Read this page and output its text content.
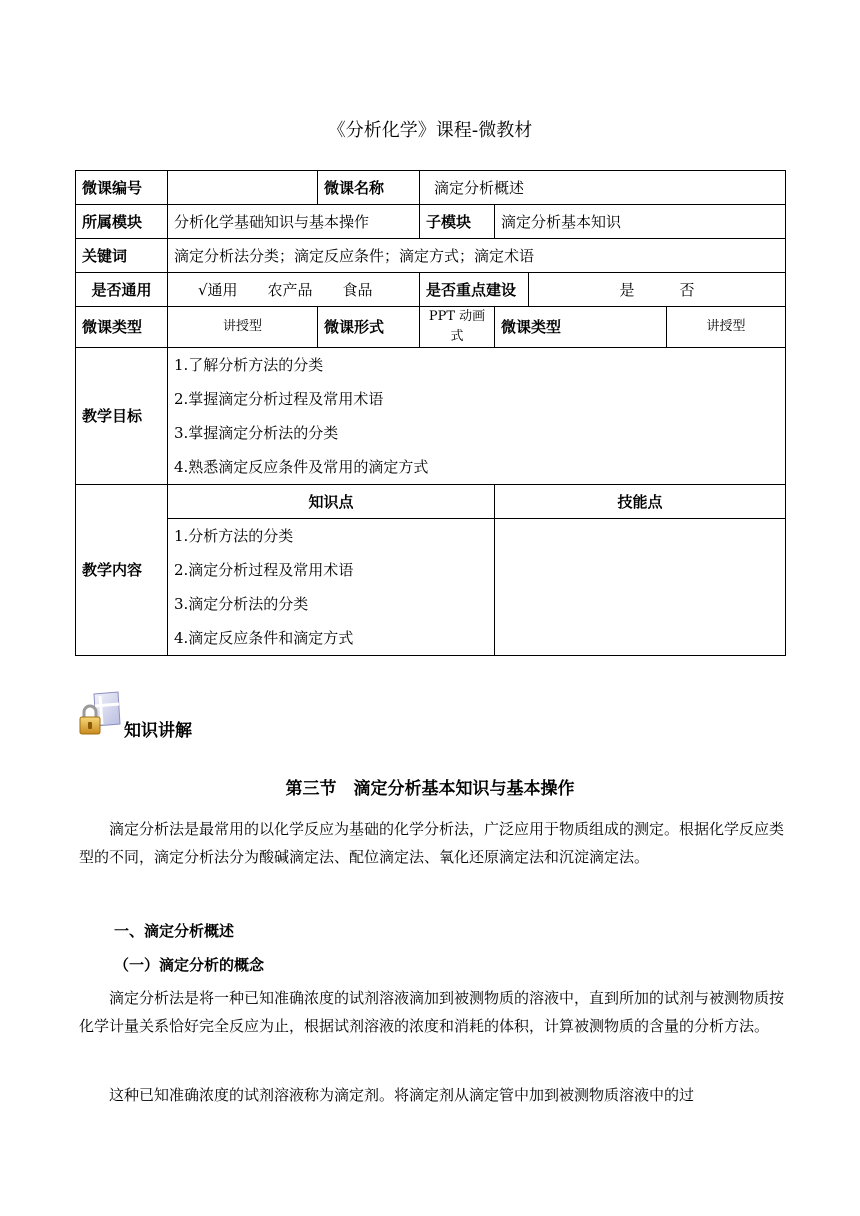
《分析化学》课程-微教材
微课编号		微课名称	滴定分析概述			
所属模块	分析化学基础知识与基本操作		子模块	滴定分析基本知识		
关键词	滴定分析法分类；滴定反应条件；滴定方式；滴定术语					
是否通用	√通用　　农产品　　食品		是否重点建设		是　　　否	
微课类型	讲授型	微课形式	PPT 动画式	微课类型		讲授型
教学目标	1.了解分析方法的分类
2.掌握滴定分析过程及常用术语
3.掌握滴定分析法的分类
4.熟悉滴定反应条件及常用的滴定方式					

教学内容	知识点			技能点		

	1.分析方法的分类
2.滴定分析过程及常用术语
3.滴定分析法的分类
4.滴定反应条件和滴定方式					

知识讲解
第三节　滴定分析基本知识与基本操作
滴定分析法是最常用的以化学反应为基础的化学分析法，广泛应用于物质组成的测定。根据化学反应类型的不同，滴定分析法分为酸碱滴定法、配位滴定法、氧化还原滴定法和沉淀滴定法。
一、滴定分析概述
（一）滴定分析的概念
滴定分析法是将一种已知准确浓度的试剂溶液滴加到被测物质的溶液中，直到所加的试剂与被测物质按化学计量关系恰好完全反应为止，根据试剂溶液的浓度和消耗的体积，计算被测物质的含量的分析方法。
这种已知准确浓度的试剂溶液称为滴定剂。将滴定剂从滴定管中加到被测物质溶液中的过
